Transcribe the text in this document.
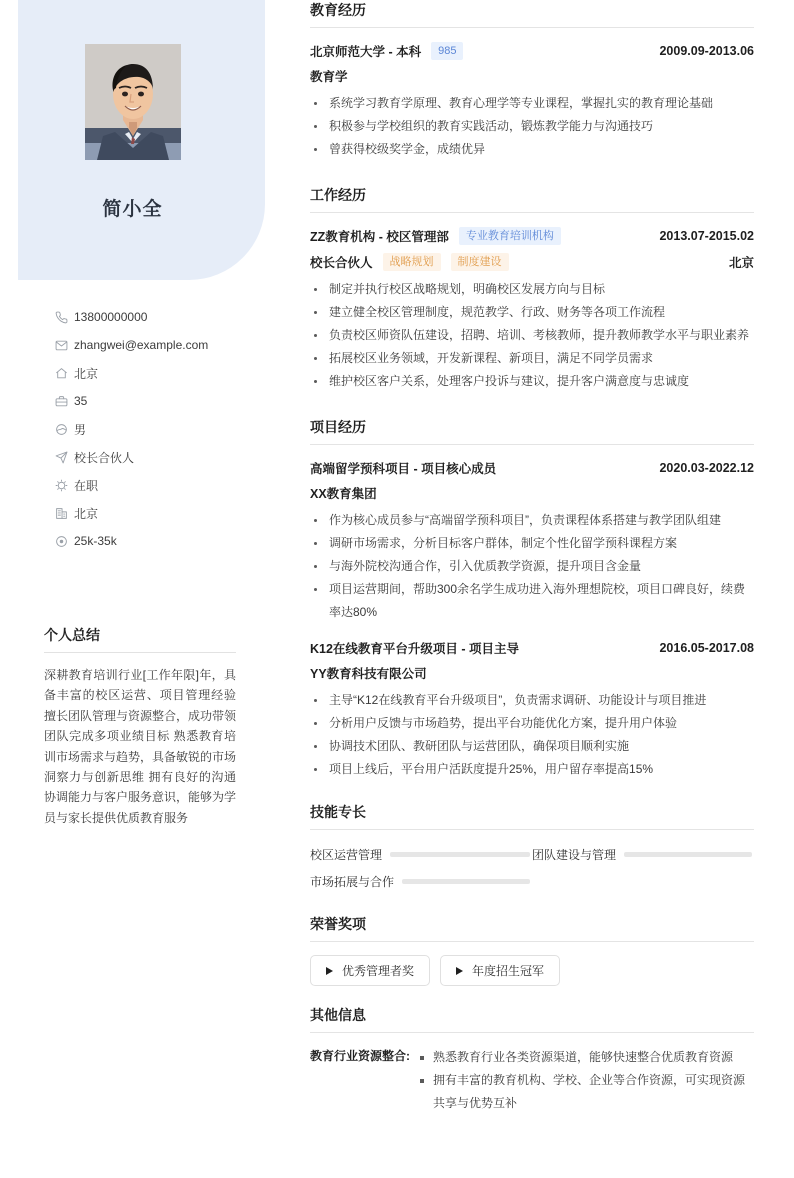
简小全
13800000000
zhangwei@example.com
北京
35
男
校长合伙人
在职
北京
25k-35k
个人总结
深耕教育培训行业[工作年限]年，具备丰富的校区运营、项目管理经验 擅长团队管理与资源整合，成功带领团队完成多项业绩目标 熟悉教育培训市场需求与趋势，具备敏锐的市场洞察力与创新思维 拥有良好的沟通协调能力与客户服务意识，能够为学员与家长提供优质教育服务
教育经历
北京师范大学 - 本科	985	2009.09-2013.06
教育学
系统学习教育学原理、教育心理学等专业课程，掌握扎实的教育理论基础
积极参与学校组织的教育实践活动，锻炼教学能力与沟通技巧
曾获得校级奖学金，成绩优异
工作经历
ZZ教育机构 - 校区管理部	专业教育培训机构	2013.07-2015.02
校长合伙人	战略规划	制度建设	北京
制定并执行校区战略规划，明确校区发展方向与目标
建立健全校区管理制度，规范教学、行政、财务等各项工作流程
负责校区师资队伍建设，招聘、培训、考核教师，提升教师教学水平与职业素养
拓展校区业务领域，开发新课程、新项目，满足不同学员需求
维护校区客户关系，处理客户投诉与建议，提升客户满意度与忠诚度
项目经历
高端留学预科项目 - 项目核心成员	2020.03-2022.12
XX教育集团
作为核心成员参与“高端留学预科项目”，负责课程体系搭建与教学团队组建
调研市场需求，分析目标客户群体，制定个性化留学预科课程方案
与海外院校沟通合作，引入优质教学资源，提升项目含金量
项目运营期间，帮助300余名学生成功进入海外理想院校，项目口碑良好，续费率达80%
K12在线教育平台升级项目 - 项目主导	2016.05-2017.08
YY教育科技有限公司
主导“K12在线教育平台升级项目”，负责需求调研、功能设计与项目推进
分析用户反馈与市场趋势，提出平台功能优化方案，提升用户体验
协调技术团队、教研团队与运营团队，确保项目顺利实施
项目上线后，平台用户活跃度提升25%，用户留存率提高15%
技能专长
校区运营管理	团队建设与管理
市场拓展与合作
荣誉奖项
优秀管理者奖	年度招生冠军
其他信息
教育行业资源整合:	熟悉教育行业各类资源渠道，能够快速整合优质教育资源
拥有丰富的教育机构、学校、企业等合作资源，可实现资源共享与优势互补
